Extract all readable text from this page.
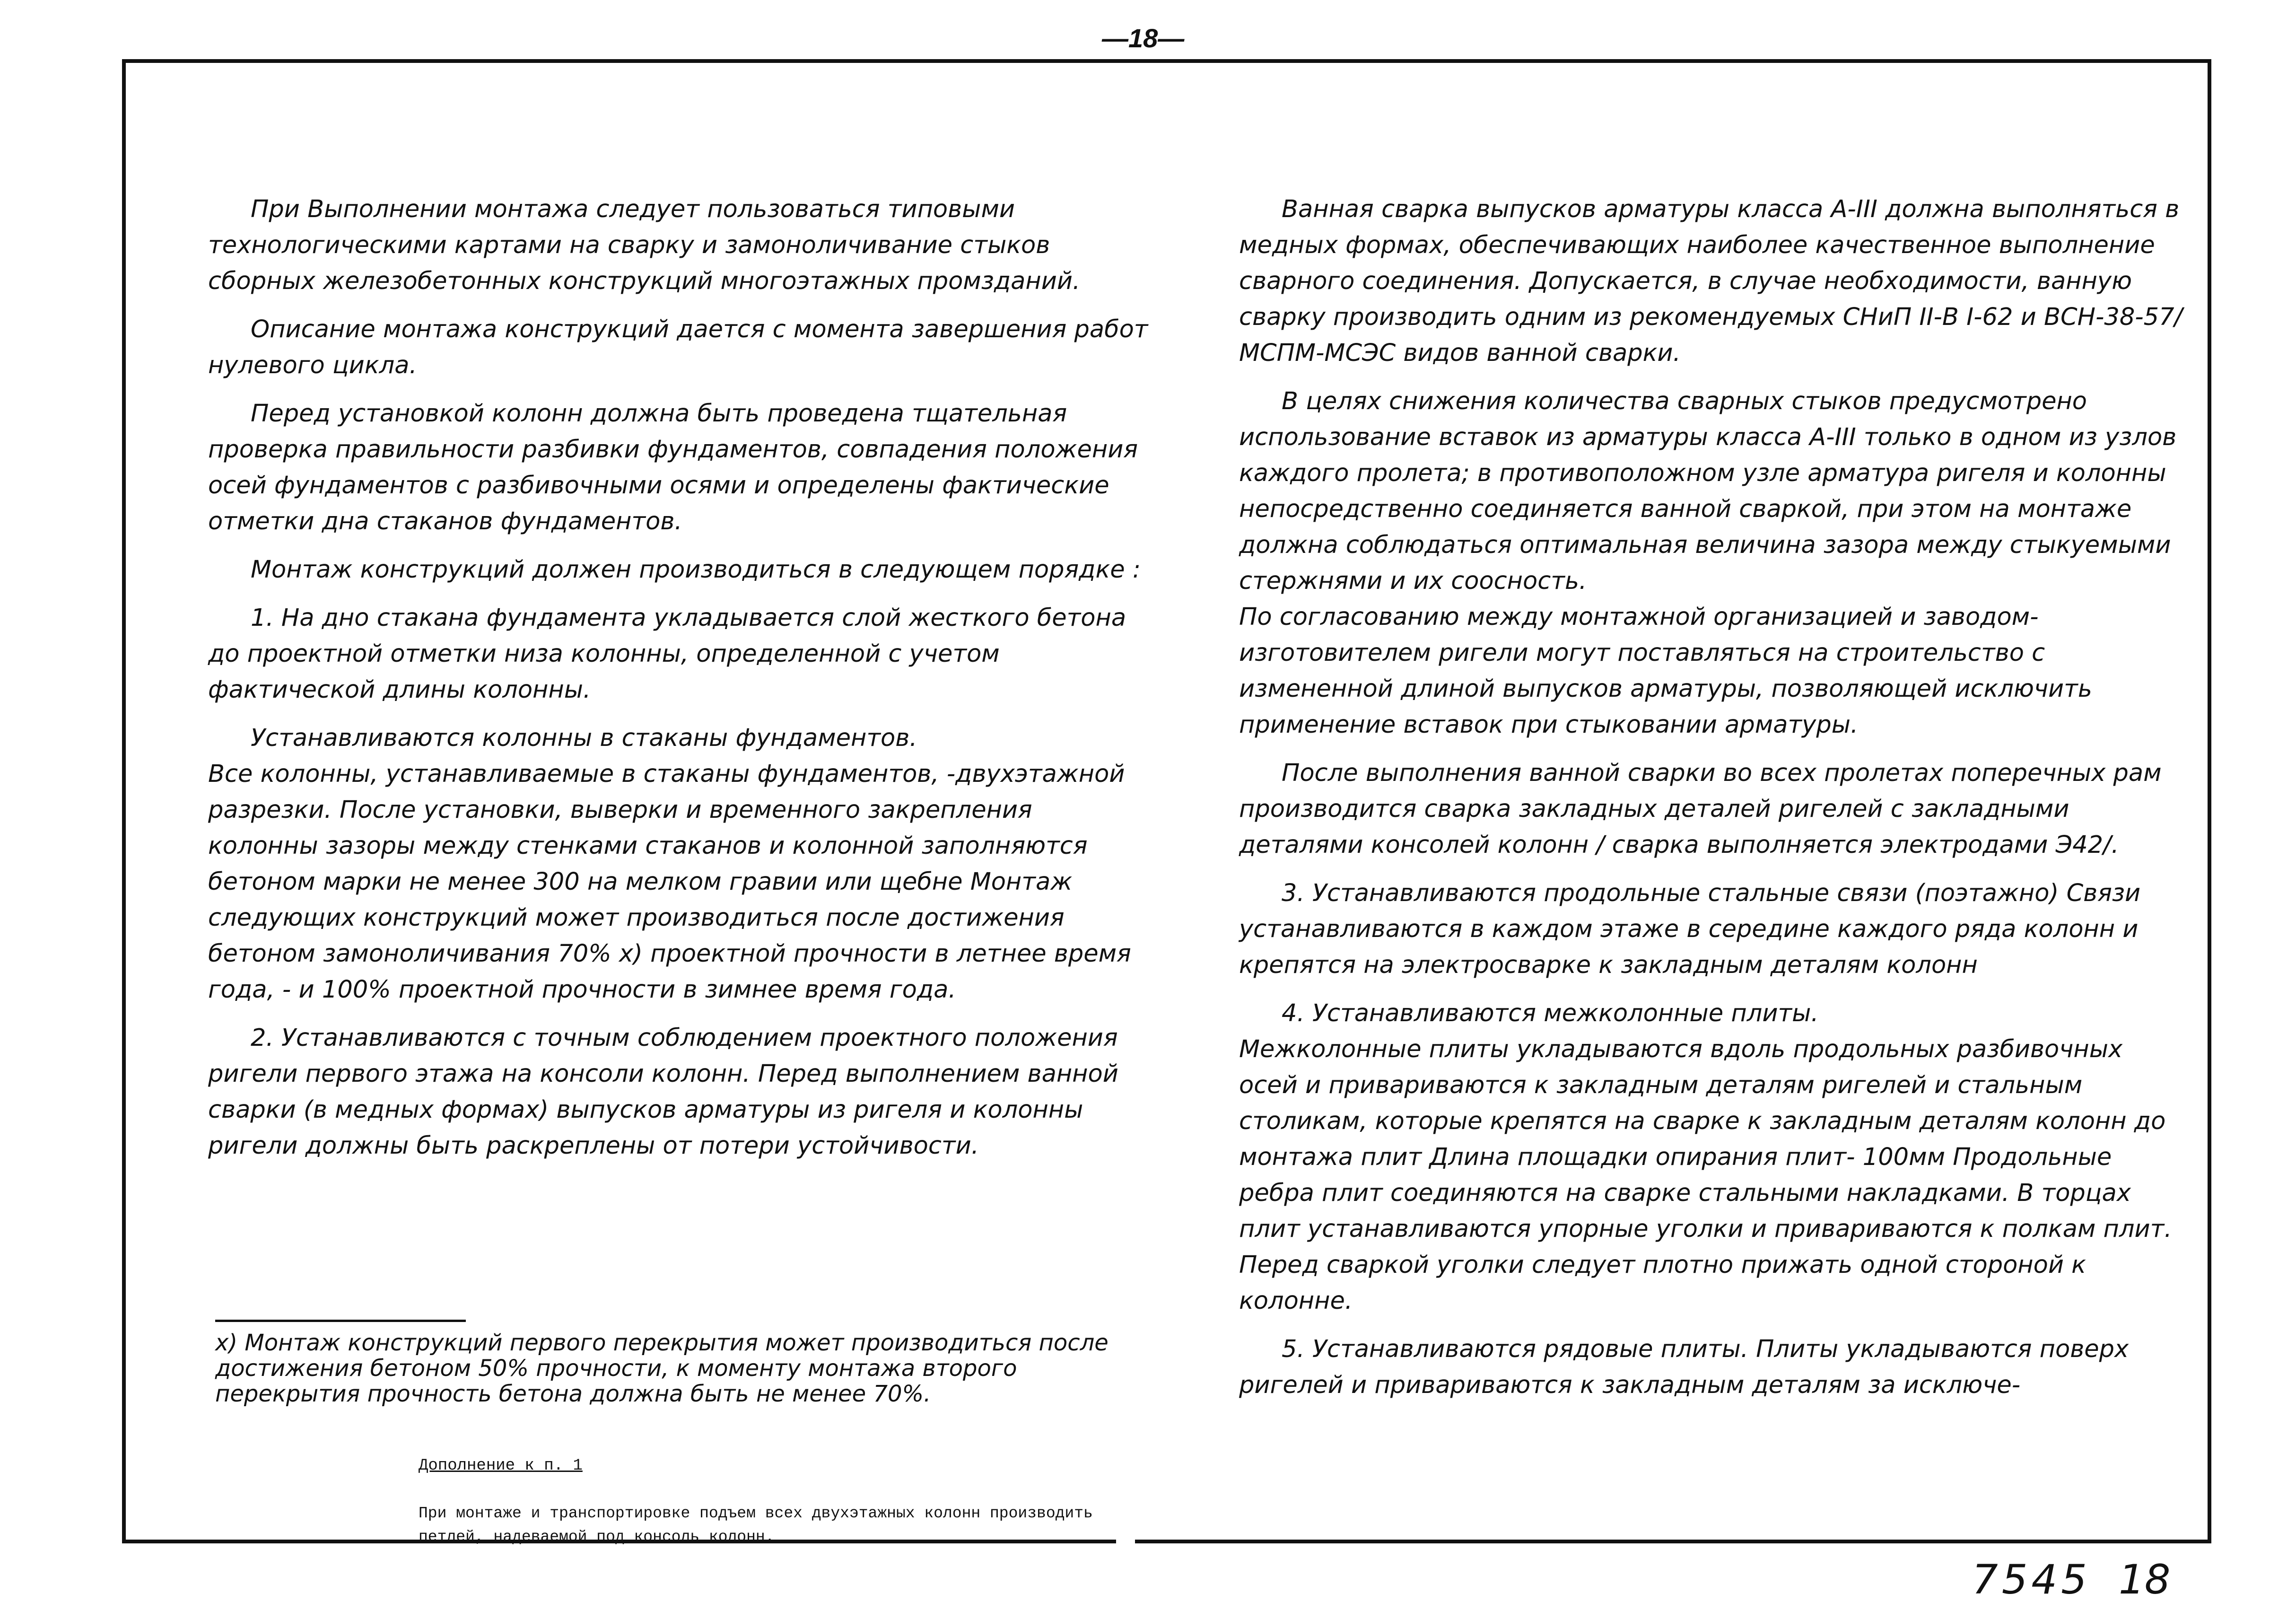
—18—

При Выполнении монтажа следует пользоваться типовыми технологическими картами на сварку и замоноличивание стыков сборных железобетонных конструкций многоэтажных промзданий.

Описание монтажа конструкций дается с момента завершения работ нулевого цикла.

Перед установкой колонн должна быть проведена тщательная проверка правильности разбивки фундаментов, совпадения положения осей фундаментов с разбивочными осями и определены фактические отметки дна стаканов фундаментов.

Монтаж конструкций должен производиться в следующем порядке :

1. На дно стакана фундамента укладывается слой жесткого бетона до проектной отметки низа колонны, определенной с учетом фактической длины колонны.

Устанавливаются колонны в стаканы фундаментов.

Все колонны, устанавливаемые в стаканы фундаментов, -двухэтажной разрезки. После установки, выверки и временного закрепления колонны зазоры между стенками стаканов и колонной заполняются бетоном марки не менее 300 на мелком гравии или щебне Монтаж следующих конструкций может производиться после достижения бетоном замоноличивания 70% x) проектной прочности в летнее время года, - и 100% проектной прочности в зимнее время года.

2. Устанавливаются с точным соблюдением проектного положения ригели первого этажа на консоли колонн. Перед выполнением ванной сварки (в медных формах) выпусков арматуры из ригеля и колонны ригели должны быть раскреплены от потери устойчивости.

x) Монтаж конструкций первого перекрытия может производиться после достижения бетоном 50% прочности, к моменту монтажа второго перекрытия прочность бетона должна быть не менее 70%.
Дополнение к п. 1
При монтаже и транспортировке подъем всех двухэтажных колонн производить петлей, надеваемой под консоль колонн.

Ванная сварка выпусков арматуры класса А-III должна выполняться в медных формах, обеспечивающих наиболее качественное выполнение сварного соединения. Допускается, в случае необходимости, ванную сварку производить одним из рекомендуемых СНиП II-В I-62 и ВСН-38-57/МСПМ-МСЭС видов ванной сварки.

В целях снижения количества сварных стыков предусмотрено использование вставок из арматуры класса А-III только в одном из узлов каждого пролета; в противоположном узле арматура ригеля и колонны непосредственно соединяется ванной сваркой, при этом на монтаже должна соблюдаться оптимальная величина зазора между стыкуемыми стержнями и их соосность.

По согласованию между монтажной организацией и заводом-изготовителем ригели могут поставляться на строительство с измененной длиной выпусков арматуры, позволяющей исключить применение вставок при стыковании арматуры.

После выполнения ванной сварки во всех пролетах поперечных рам производится сварка закладных деталей ригелей с закладными деталями консолей колонн / сварка выполняется электродами Э42/.

3. Устанавливаются продольные стальные связи (поэтажно) Связи устанавливаются в каждом этаже в середине каждого ряда колонн и крепятся на электросварке к закладным деталям колонн

4. Устанавливаются межколонные плиты.

Межколонные плиты укладываются вдоль продольных разбивочных осей и привариваются к закладным деталям ригелей и стальным столикам, которые крепятся на сварке к закладным деталям колонн до монтажа плит Длина площадки опирания плит- 100мм Продольные ребра плит соединяются на сварке стальными накладками. В торцах плит устанавливаются упорные уголки и привариваются к полкам плит. Перед сваркой уголки следует плотно прижать одной стороной к колонне.

5. Устанавливаются рядовые плиты. Плиты укладываются поверх ригелей и привариваются к закладным деталям за исключе-

7545 18
